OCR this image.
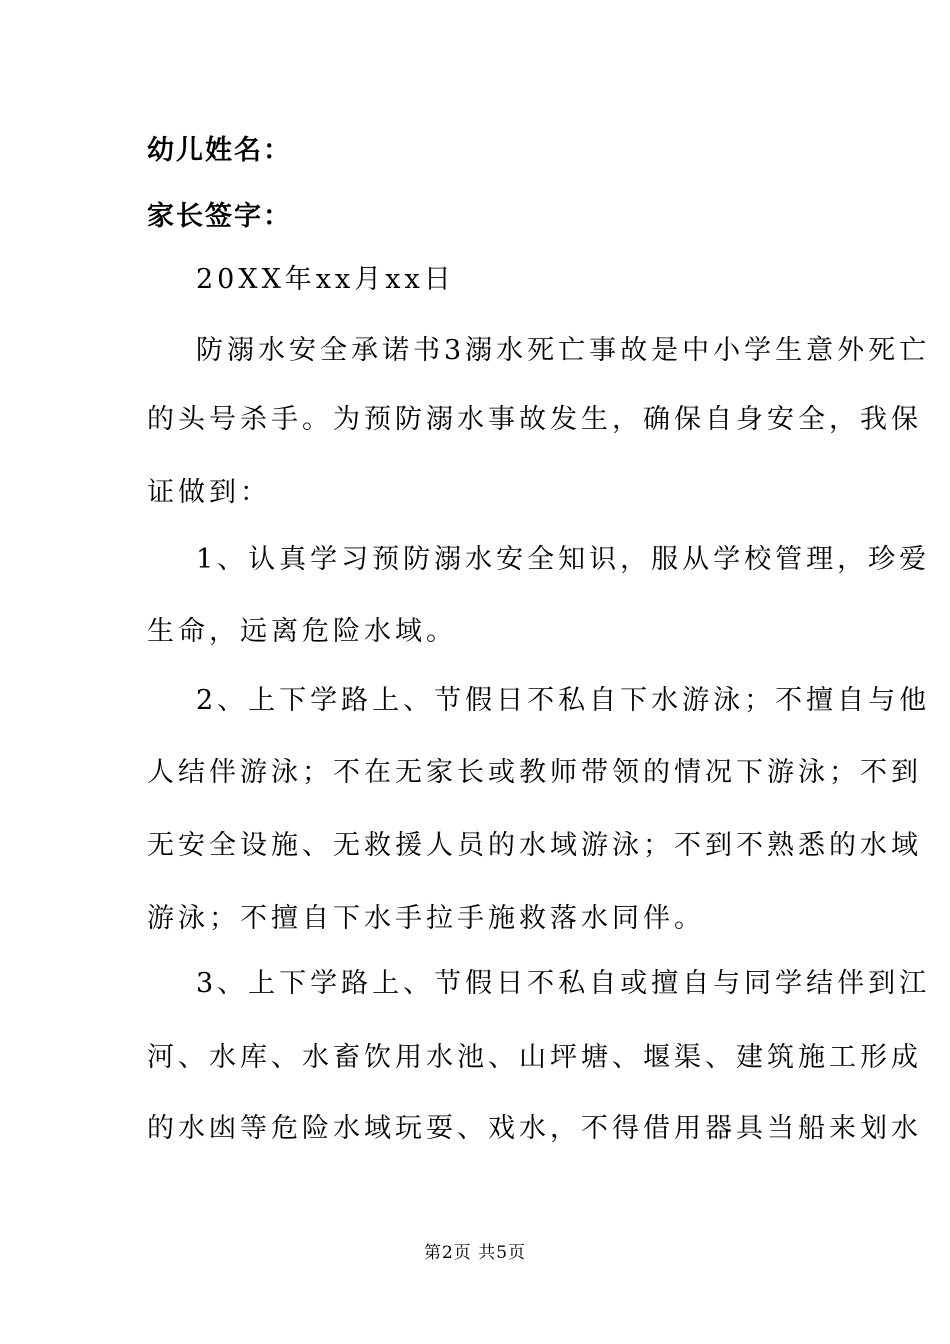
幼儿姓名：
家长签字：
20XX年xx月xx日
防溺水安全承诺书3溺水死亡事故是中小学生意外死亡
的头号杀手。为预防溺水事故发生，确保自身安全，我保
证做到：
1、认真学习预防溺水安全知识，服从学校管理，珍爱
生命，远离危险水域。
2、上下学路上、节假日不私自下水游泳；不擅自与他
人结伴游泳；不在无家长或教师带领的情况下游泳；不到
无安全设施、无救援人员的水域游泳；不到不熟悉的水域
游泳；不擅自下水手拉手施救落水同伴。
3、上下学路上、节假日不私自或擅自与同学结伴到江
河、水库、水畜饮用水池、山坪塘、堰渠、建筑施工形成
的水凼等危险水域玩耍、戏水，不得借用器具当船来划水
第2页 共5页
